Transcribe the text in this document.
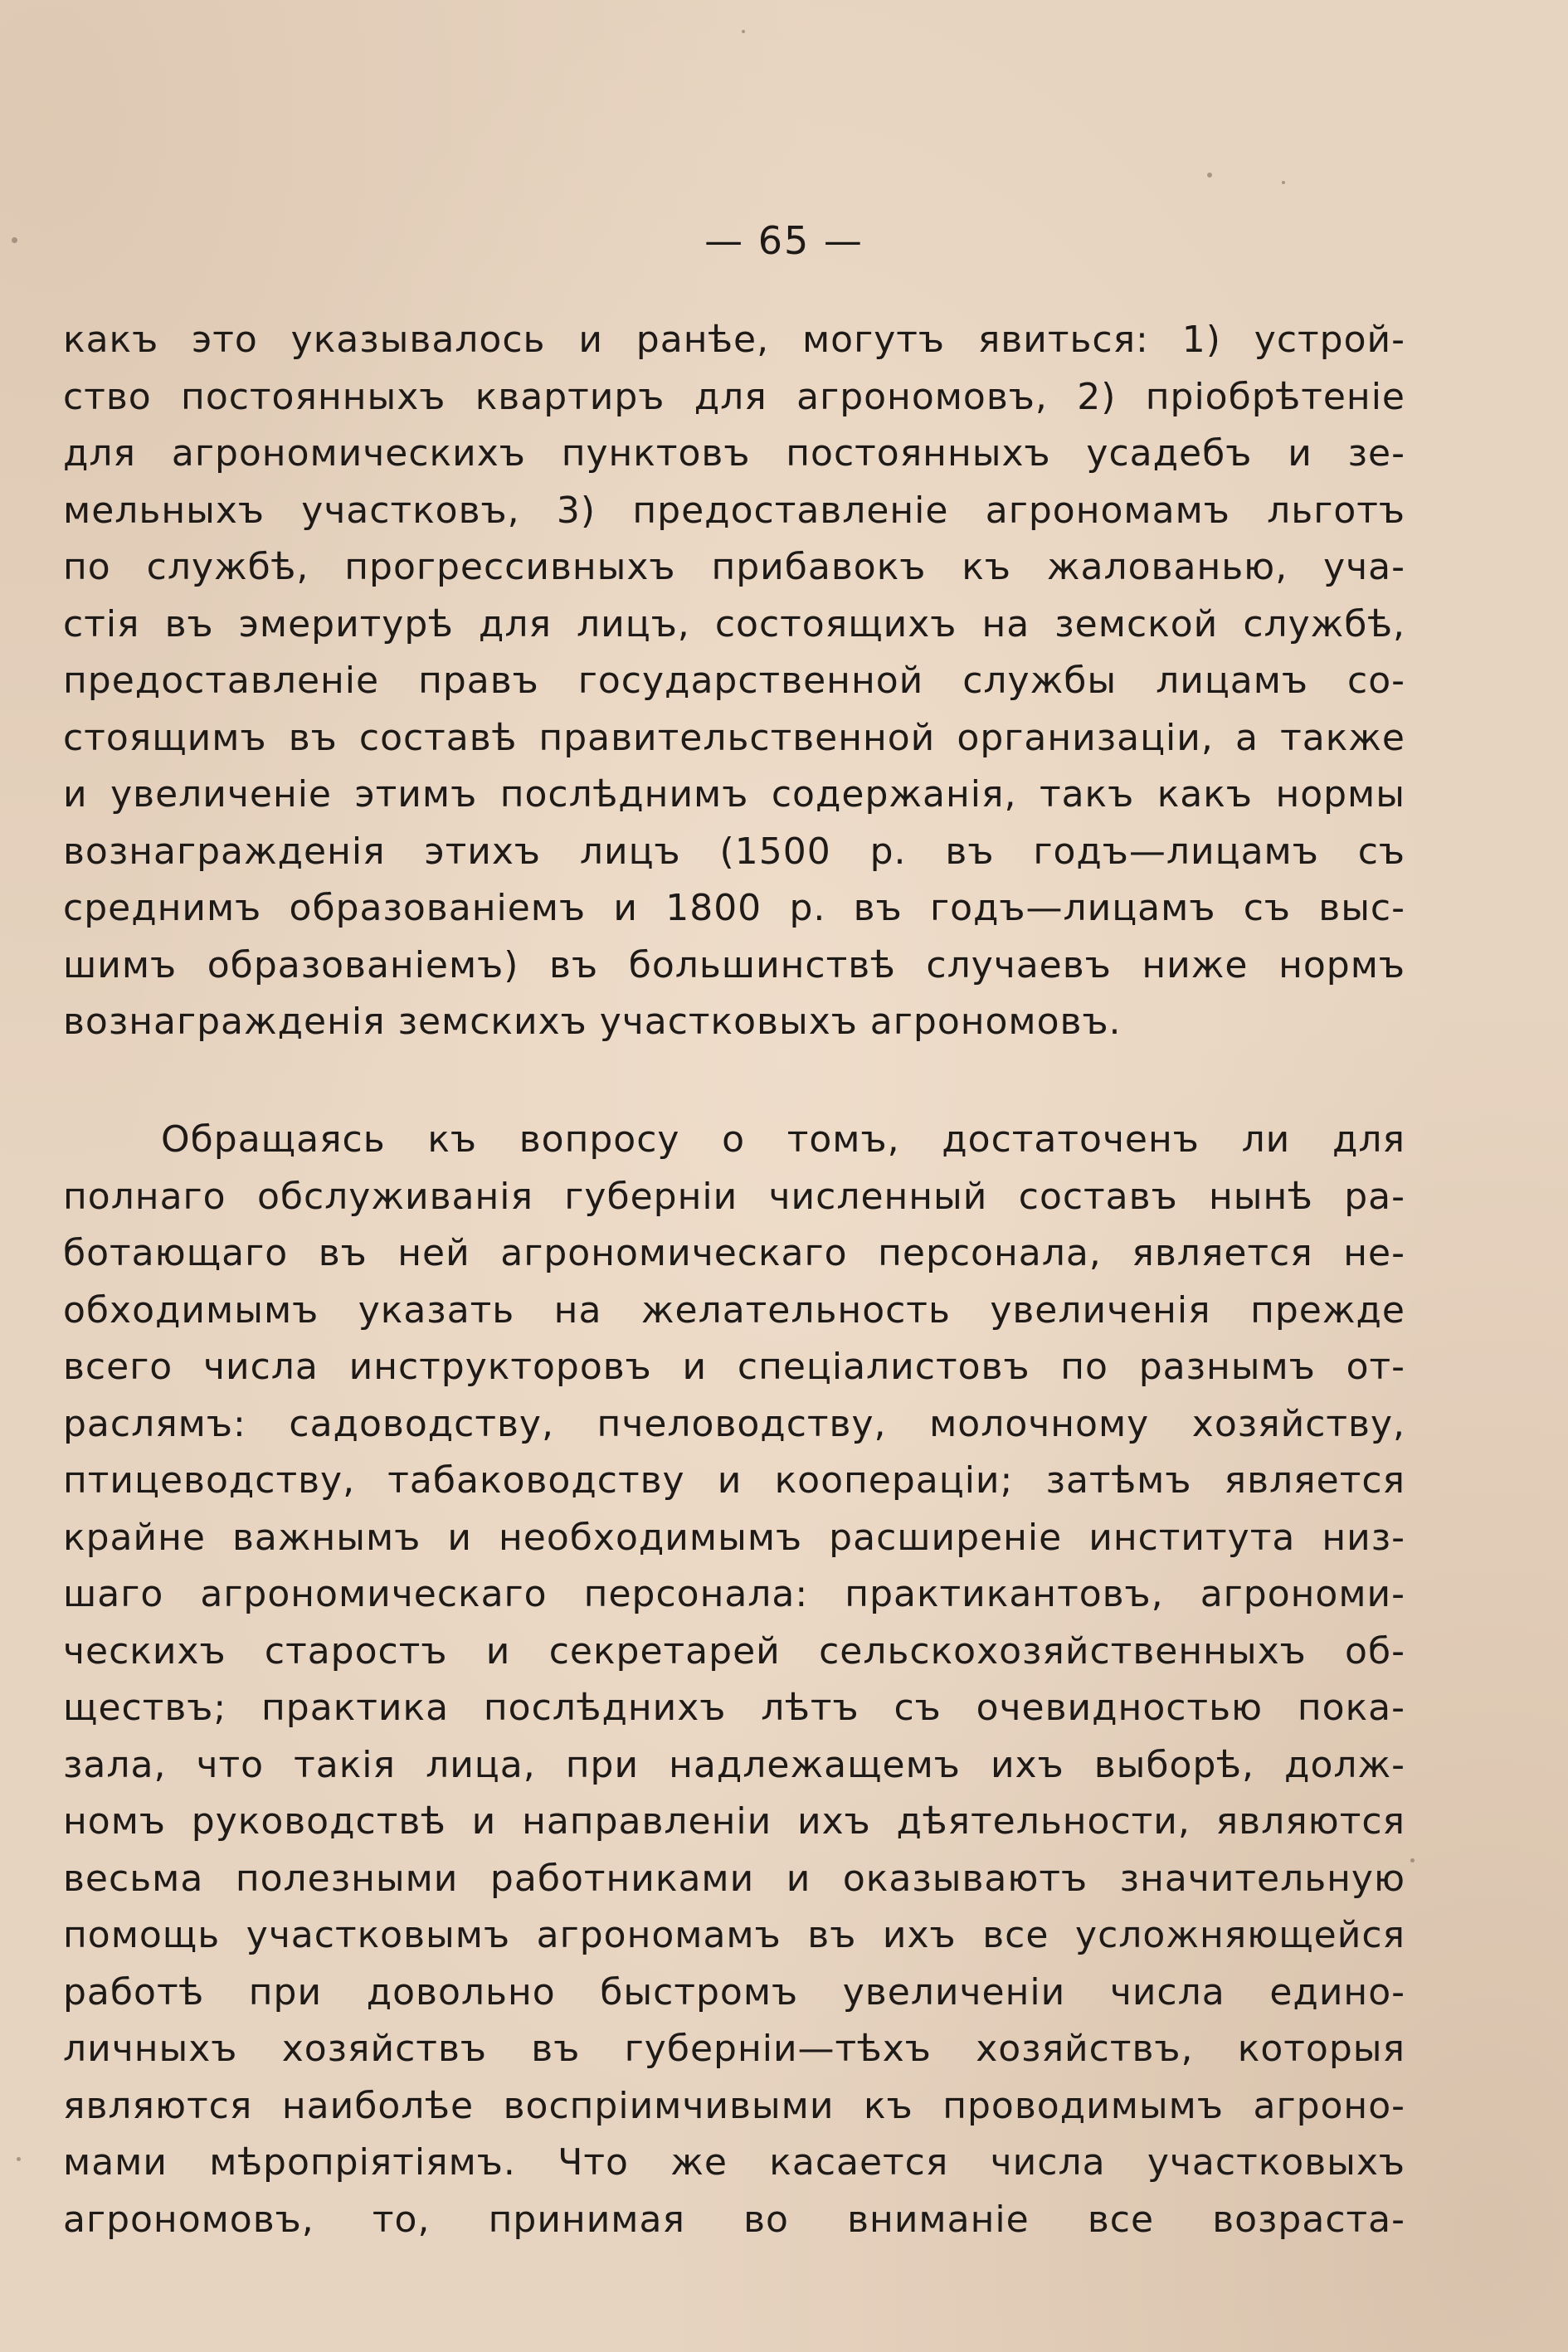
— 65 —
какъ это указывалось и ранѣе, могутъ явиться: 1) устрой-
ство постоянныхъ квартиръ для агрономовъ, 2) пріобрѣтеніе
для агрономическихъ пунктовъ постоянныхъ усадебъ и зе-
мельныхъ участковъ, 3) предоставленіе агрономамъ льготъ
по службѣ, прогрессивныхъ прибавокъ къ жалованью, уча-
стія въ эмеритурѣ для лицъ, состоящихъ на земской службѣ,
предоставленіе правъ государственной службы лицамъ со-
стоящимъ въ составѣ правительственной организаціи, а также
и увеличеніе этимъ послѣднимъ содержанія, такъ какъ нормы
вознагражденія этихъ лицъ (1500 р. въ годъ—лицамъ съ
среднимъ образованіемъ и 1800 р. въ годъ—лицамъ съ выс-
шимъ образованіемъ) въ большинствѣ случаевъ ниже нормъ
вознагражденія земскихъ участковыхъ агрономовъ.
Обращаясь къ вопросу о томъ, достаточенъ ли для
полнаго обслуживанія губерніи численный составъ нынѣ ра-
ботающаго въ ней агрономическаго персонала, является не-
обходимымъ указать на желательность увеличенія прежде
всего числа инструкторовъ и спеціалистовъ по разнымъ от-
раслямъ: садоводству, пчеловодству, молочному хозяйству,
птицеводству, табаководству и коопераціи; затѣмъ является
крайне важнымъ и необходимымъ расширеніе института низ-
шаго агрономическаго персонала: практикантовъ, агрономи-
ческихъ старостъ и секретарей сельскохозяйственныхъ об-
ществъ; практика послѣднихъ лѣтъ съ очевидностью пока-
зала, что такія лица, при надлежащемъ ихъ выборѣ, долж-
номъ руководствѣ и направленіи ихъ дѣятельности, являются
весьма полезными работниками и оказываютъ значительную
помощь участковымъ агрономамъ въ ихъ все усложняющейся
работѣ при довольно быстромъ увеличеніи числа едино-
личныхъ хозяйствъ въ губерніи—тѣхъ хозяйствъ, которыя
являются наиболѣе воспріимчивыми къ проводимымъ агроно-
мами мѣропріятіямъ. Что же касается числа участковыхъ
агрономовъ, то, принимая во вниманіе все возраста-
